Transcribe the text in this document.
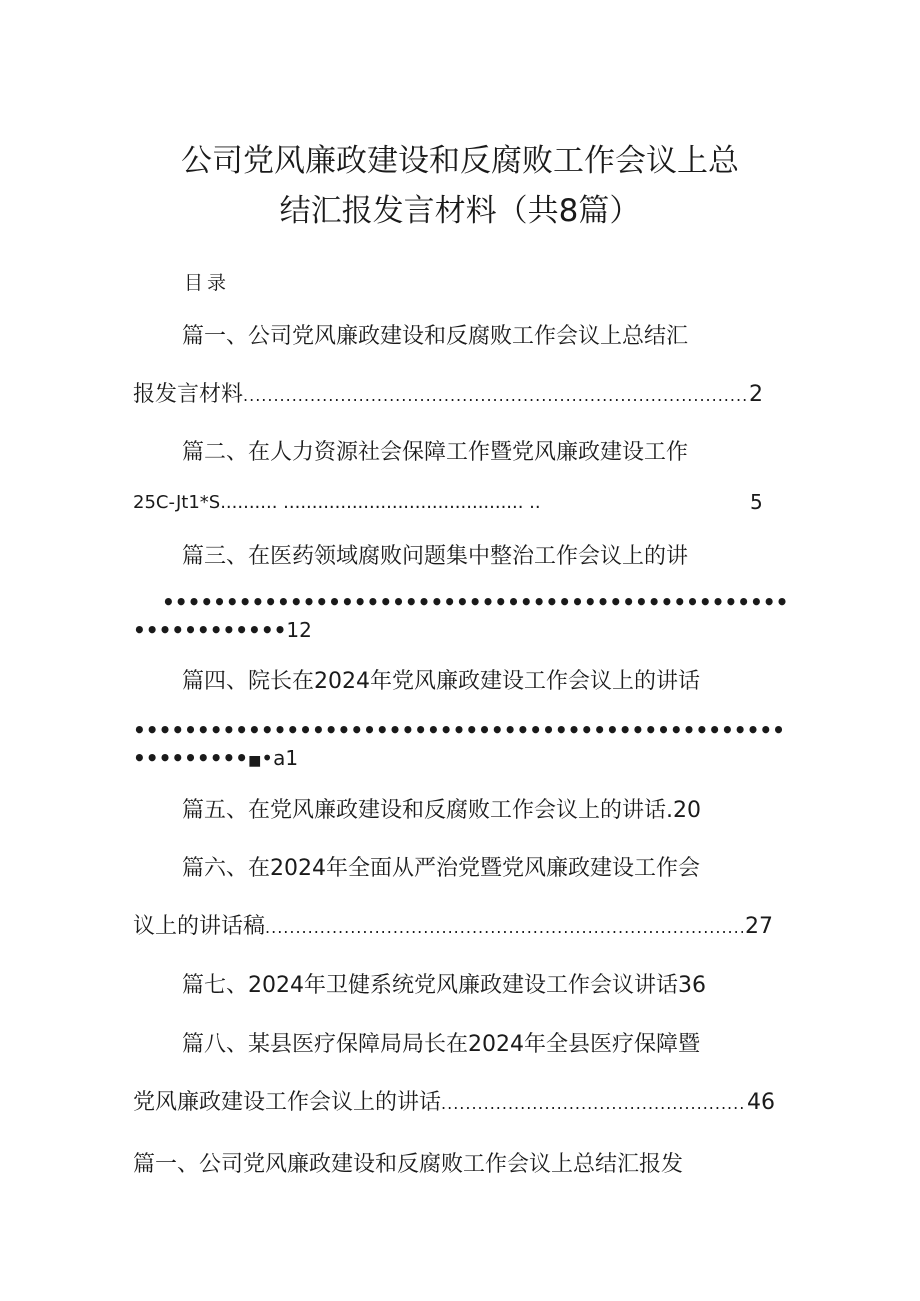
公司党风廉政建设和反腐败工作会议上总
结汇报发言材料（共8篇）
目录
篇一、公司党风廉政建设和反腐败工作会议上总结汇
报发言材料 .....	2
篇二、在人力资源社会保障工作暨党风廉政建设工作
25C-Jt1*S.......... .......................................... ..	5
篇三、在医药领域腐败问题集中整治工作会议上的讲
•••••
••••••••••••12
篇四、院长在2024年党风廉政建设工作会议上的讲话
•••••
•••••••••■•a1
篇五、在党风廉政建设和反腐败工作会议上的讲话.20
篇六、在2024年全面从严治党暨党风廉政建设工作会
议上的讲话稿 .....	27
篇七、2024年卫健系统党风廉政建设工作会议讲话36
篇八、某县医疗保障局局长在2024年全县医疗保障暨
党风廉政建设工作会议上的讲话 .....	46
篇一、公司党风廉政建设和反腐败工作会议上总结汇报发
